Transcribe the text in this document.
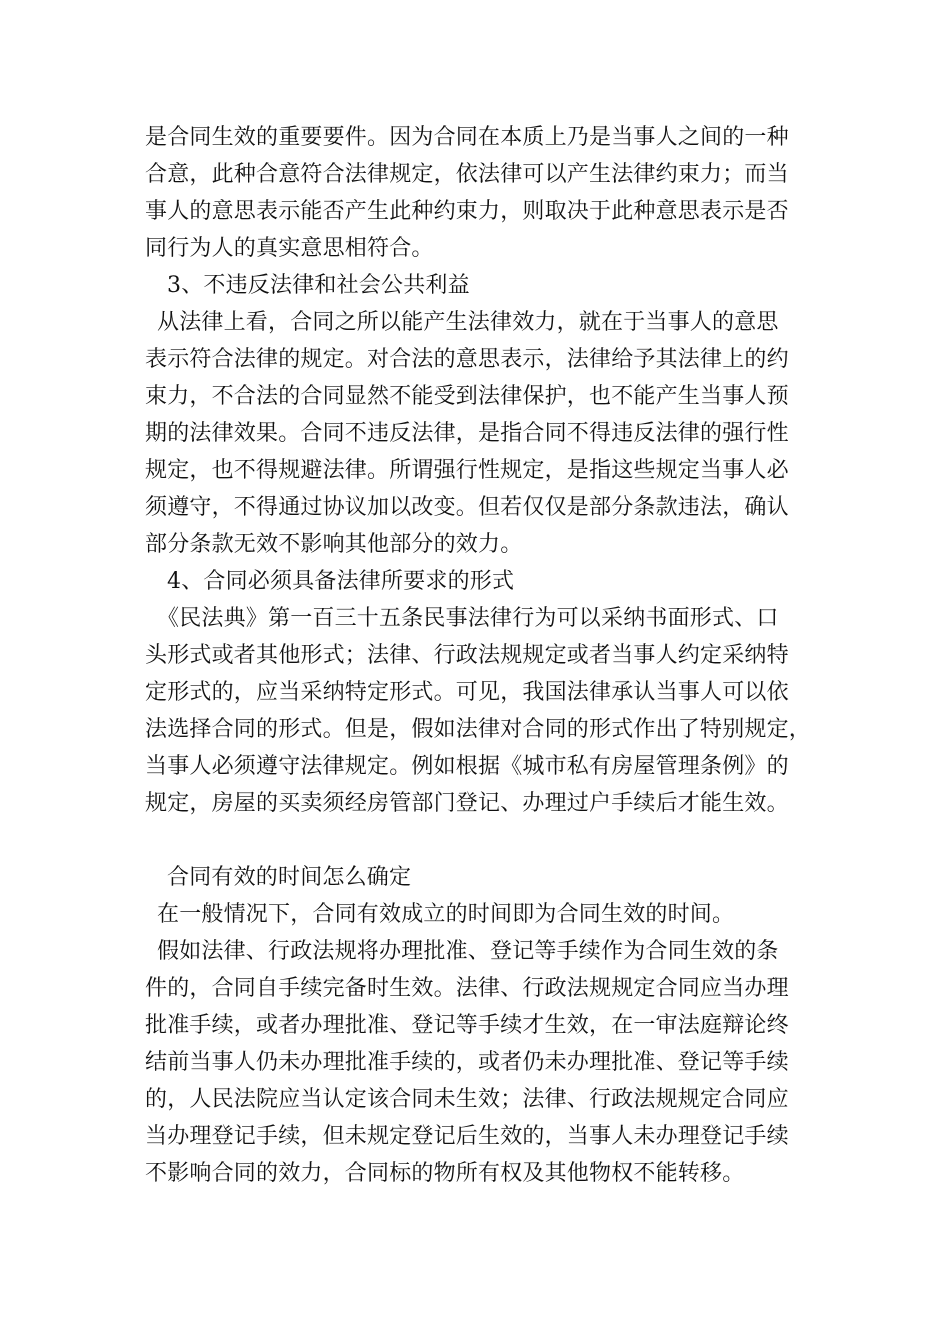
是合同生效的重要要件。因为合同在本质上乃是当事人之间的一种
合意，此种合意符合法律规定，依法律可以产生法律约束力；而当
事人的意思表示能否产生此种约束力，则取决于此种意思表示是否
同行为人的真实意思相符合。
3、不违反法律和社会公共利益
从法律上看，合同之所以能产生法律效力，就在于当事人的意思
表示符合法律的规定。对合法的意思表示，法律给予其法律上的约
束力，不合法的合同显然不能受到法律保护，也不能产生当事人预
期的法律效果。合同不违反法律，是指合同不得违反法律的强行性
规定，也不得规避法律。所谓强行性规定，是指这些规定当事人必
须遵守，不得通过协议加以改变。但若仅仅是部分条款违法，确认
部分条款无效不影响其他部分的效力。
4、合同必须具备法律所要求的形式
《民法典》第一百三十五条民事法律行为可以采纳书面形式、口
头形式或者其他形式；法律、行政法规规定或者当事人约定采纳特
定形式的，应当采纳特定形式。可见，我国法律承认当事人可以依
法选择合同的形式。但是，假如法律对合同的形式作出了特别规定，
当事人必须遵守法律规定。例如根据《城市私有房屋管理条例》的
规定，房屋的买卖须经房管部门登记、办理过户手续后才能生效。
合同有效的时间怎么确定
在一般情况下，合同有效成立的时间即为合同生效的时间。
假如法律、行政法规将办理批准、登记等手续作为合同生效的条
件的，合同自手续完备时生效。法律、行政法规规定合同应当办理
批准手续，或者办理批准、登记等手续才生效，在一审法庭辩论终
结前当事人仍未办理批准手续的，或者仍未办理批准、登记等手续
的，人民法院应当认定该合同未生效；法律、行政法规规定合同应
当办理登记手续，但未规定登记后生效的，当事人未办理登记手续
不影响合同的效力，合同标的物所有权及其他物权不能转移。
